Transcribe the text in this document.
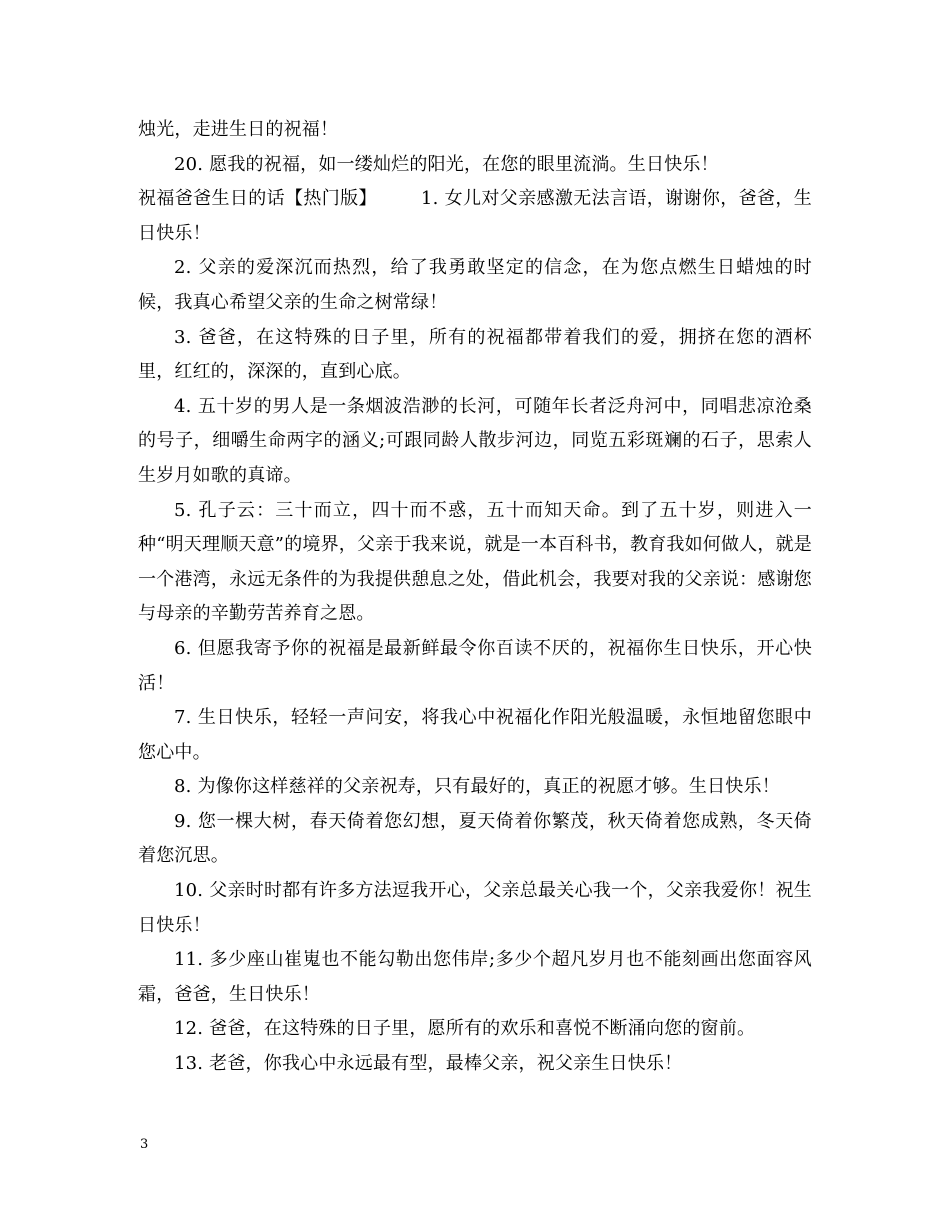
烛光，走进生日的祝福！

20. 愿我的祝福，如一缕灿烂的阳光，在您的眼里流淌。生日快乐！

祝福爸爸生日的话【热门版】 1. 女儿对父亲感激无法言语，谢谢你，爸爸，生日快乐！

2. 父亲的爱深沉而热烈，给了我勇敢坚定的信念，在为您点燃生日蜡烛的时候，我真心希望父亲的生命之树常绿！

3. 爸爸，在这特殊的日子里，所有的祝福都带着我们的爱，拥挤在您的酒杯里，红红的，深深的，直到心底。

4. 五十岁的男人是一条烟波浩渺的长河，可随年长者泛舟河中，同唱悲凉沧桑的号子，细嚼生命两字的涵义;可跟同龄人散步河边，同览五彩斑斓的石子，思索人生岁月如歌的真谛。

5. 孔子云：三十而立，四十而不惑，五十而知天命。到了五十岁，则进入一种“明天理顺天意”的境界，父亲于我来说，就是一本百科书，教育我如何做人，就是一个港湾，永远无条件的为我提供憩息之处，借此机会，我要对我的父亲说：感谢您与母亲的辛勤劳苦养育之恩。

6. 但愿我寄予你的祝福是最新鲜最令你百读不厌的，祝福你生日快乐，开心快活！

7. 生日快乐，轻轻一声问安，将我心中祝福化作阳光般温暖，永恒地留您眼中您心中。

8. 为像你这样慈祥的父亲祝寿，只有最好的，真正的祝愿才够。生日快乐！

9. 您一棵大树，春天倚着您幻想，夏天倚着你繁茂，秋天倚着您成熟，冬天倚着您沉思。

10. 父亲时时都有许多方法逗我开心，父亲总最关心我一个，父亲我爱你！祝生日快乐！

11. 多少座山崔嵬也不能勾勒出您伟岸;多少个超凡岁月也不能刻画出您面容风霜，爸爸，生日快乐！

12. 爸爸，在这特殊的日子里，愿所有的欢乐和喜悦不断涌向您的窗前。

13. 老爸，你我心中永远最有型，最棒父亲，祝父亲生日快乐！

3
